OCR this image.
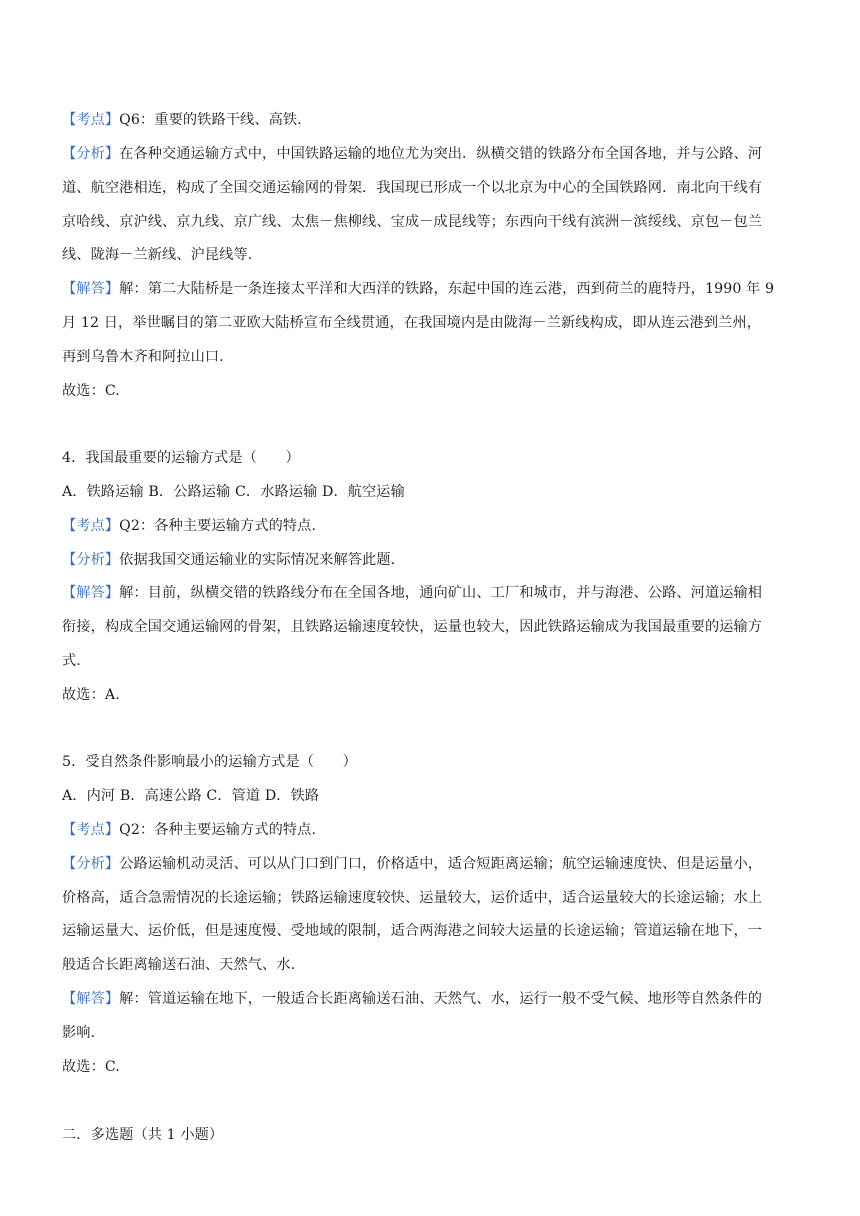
【考点】Q6：重要的铁路干线、高铁.
【分析】在各种交通运输方式中，中国铁路运输的地位尤为突出．纵横交错的铁路分布全国各地，并与公路、河
道、航空港相连，构成了全国交通运输网的骨架．我国现已形成一个以北京为中心的全国铁路网．南北向干线有
京哈线、京沪线、京九线、京广线、太焦－焦柳线、宝成－成昆线等；东西向干线有滨洲－滨绥线、京包－包兰
线、陇海－兰新线、沪昆线等.
【解答】解：第二大陆桥是一条连接太平洋和大西洋的铁路，东起中国的连云港，西到荷兰的鹿特丹，1990 年 9
月 12 日，举世瞩目的第二亚欧大陆桥宣布全线贯通，在我国境内是由陇海－兰新线构成，即从连云港到兰州，
再到乌鲁木齐和阿拉山口.
故选：C.
4．我国最重要的运输方式是（　　）
A．铁路运输 B．公路运输 C．水路运输 D．航空运输
【考点】Q2：各种主要运输方式的特点.
【分析】依据我国交通运输业的实际情况来解答此题.
【解答】解：目前，纵横交错的铁路线分布在全国各地，通向矿山、工厂和城市，并与海港、公路、河道运输相
衔接，构成全国交通运输网的骨架，且铁路运输速度较快，运量也较大，因此铁路运输成为我国最重要的运输方
式.
故选：A.
5．受自然条件影响最小的运输方式是（　　）
A．内河 B．高速公路 C．管道 D．铁路
【考点】Q2：各种主要运输方式的特点.
【分析】公路运输机动灵活、可以从门口到门口，价格适中，适合短距离运输；航空运输速度快、但是运量小，
价格高，适合急需情况的长途运输；铁路运输速度较快、运量较大，运价适中，适合运量较大的长途运输；水上
运输运量大、运价低，但是速度慢、受地域的限制，适合两海港之间较大运量的长途运输；管道运输在地下，一
般适合长距离输送石油、天然气、水.
【解答】解：管道运输在地下，一般适合长距离输送石油、天然气、水，运行一般不受气候、地形等自然条件的
影响.
故选：C.
二．多选题（共 1 小题）
